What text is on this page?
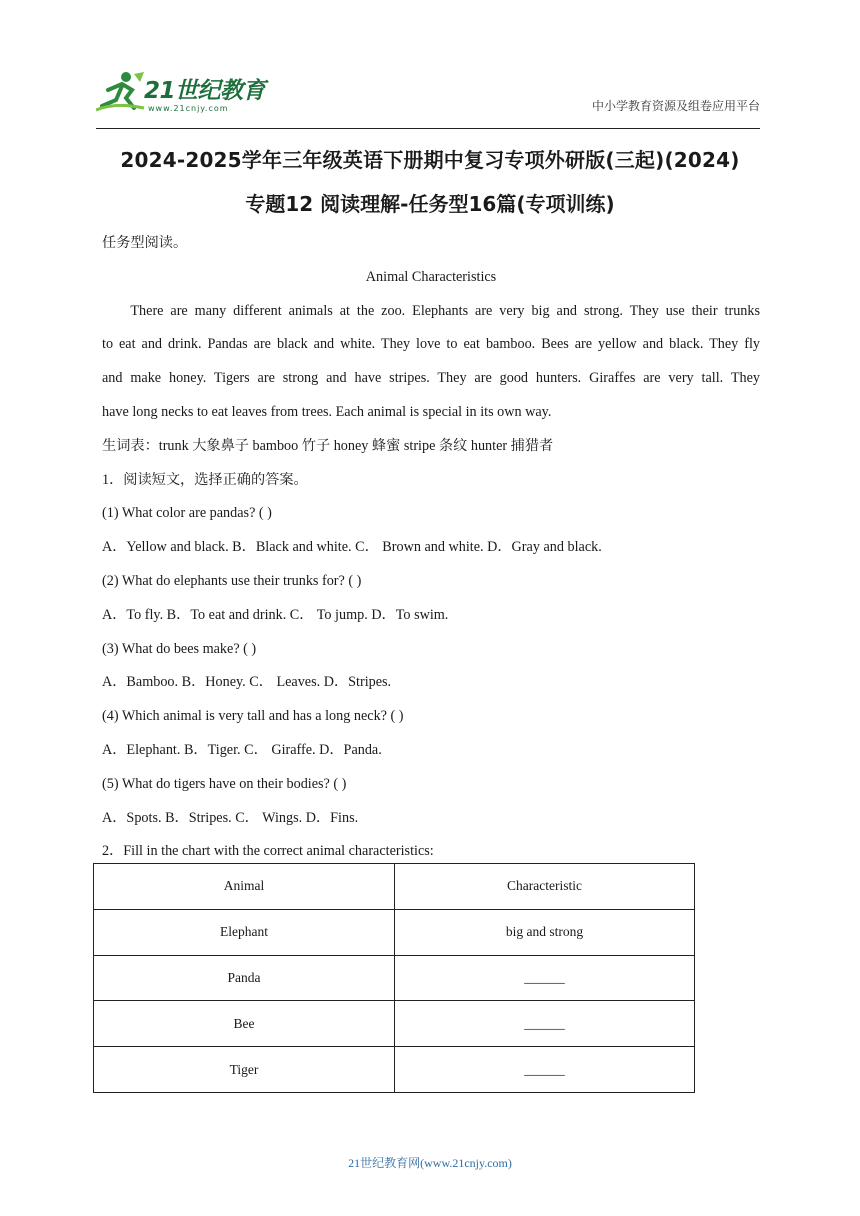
21世纪教育
www.21cnjy.com	中小学教育资源及组卷应用平台
2024-2025学年三年级英语下册期中复习专项外研版(三起)(2024)
专题12 阅读理解-任务型16篇(专项训练)
任务型阅读。
Animal Characteristics
There are many different animals at the zoo. Elephants are very big and strong. They use their trunks
to eat and drink. Pandas are black and white. They love to eat bamboo. Bees are yellow and black. They fly
and make honey. Tigers are strong and have stripes. They are good hunters. Giraffes are very tall. They
have long necks to eat leaves from trees. Each animal is special in its own way.
生词表：trunk 大象鼻子 bamboo 竹子 honey 蜂蜜 stripe 条纹 hunter 捕猎者
1．阅读短文，选择正确的答案。
(1) What color are pandas? ( )
A．Yellow and black. B．Black and white. C． Brown and white. D．Gray and black.
(2) What do elephants use their trunks for? ( )
A．To fly. B．To eat and drink. C． To jump. D．To swim.
(3) What do bees make? ( )
A．Bamboo. B．Honey. C． Leaves. D．Stripes.
(4) Which animal is very tall and has a long neck? ( )
A．Elephant. B．Tiger. C． Giraffe. D．Panda.
(5) What do tigers have on their bodies? ( )
A．Spots. B．Stripes. C． Wings. D．Fins.
2．Fill in the chart with the correct animal characteristics:
Animal	Characteristic
Elephant	big and strong
Panda	______
Bee	______
Tiger	______
21世纪教育网(www.21cnjy.com)
